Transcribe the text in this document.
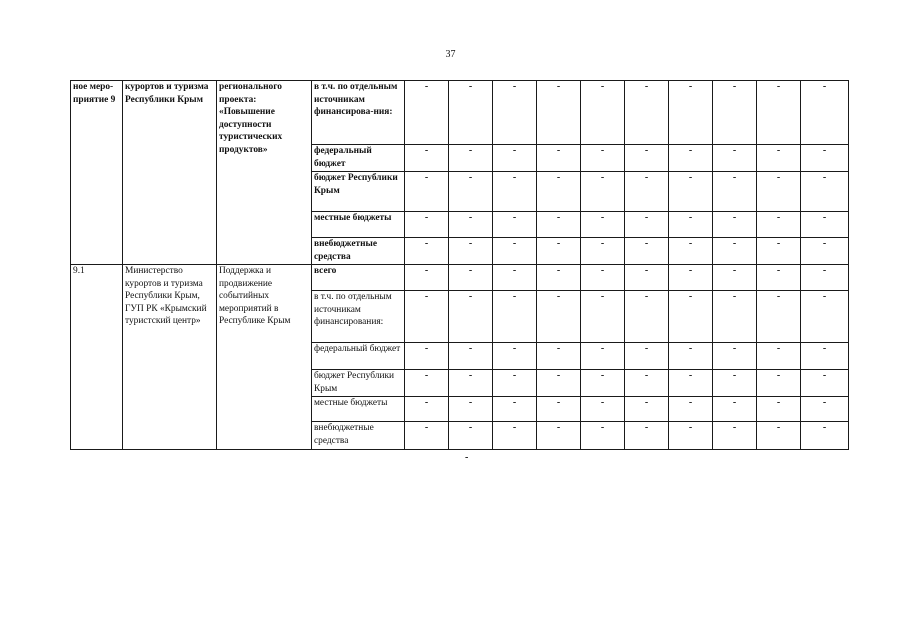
37
ное меро-приятие 9	курортов и туризма Республики Крым	регионального проекта: «Повышение доступности туристических продуктов»	в т.ч. по отдельным источникам финансирова-ния:	-	-	-	-	-	-	-	-	-	-
			федеральный бюджет	-	-	-	-	-	-	-	-	-	-
			бюджет Республики Крым	-	-	-	-	-	-	-	-	-	-
			местные бюджеты	-	-	-	-	-	-	-	-	-	-
			внебюджетные средства	-	-	-	-	-	-	-	-	-	-
9.1	Министерство курортов и туризма Республики Крым, ГУП РК «Крымский туристский центр»	Поддержка и продвижение событийных мероприятий в Республике Крым	всего	-	-	-	-	-	-	-	-	-	-
			в т.ч. по отдельным источникам финансирования:	-	-	-	-	-	-	-	-	-	-
			федеральный бюджет	-	-	-	-	-	-	-	-	-	-
			бюджет Республики Крым	-	-	-	-	-	-	-	-	-	-
			местные бюджеты	-	-	-	-	-	-	-	-	-	-
			внебюджетные средства	-	-	-	-	-	-	-	-	-	-
-
